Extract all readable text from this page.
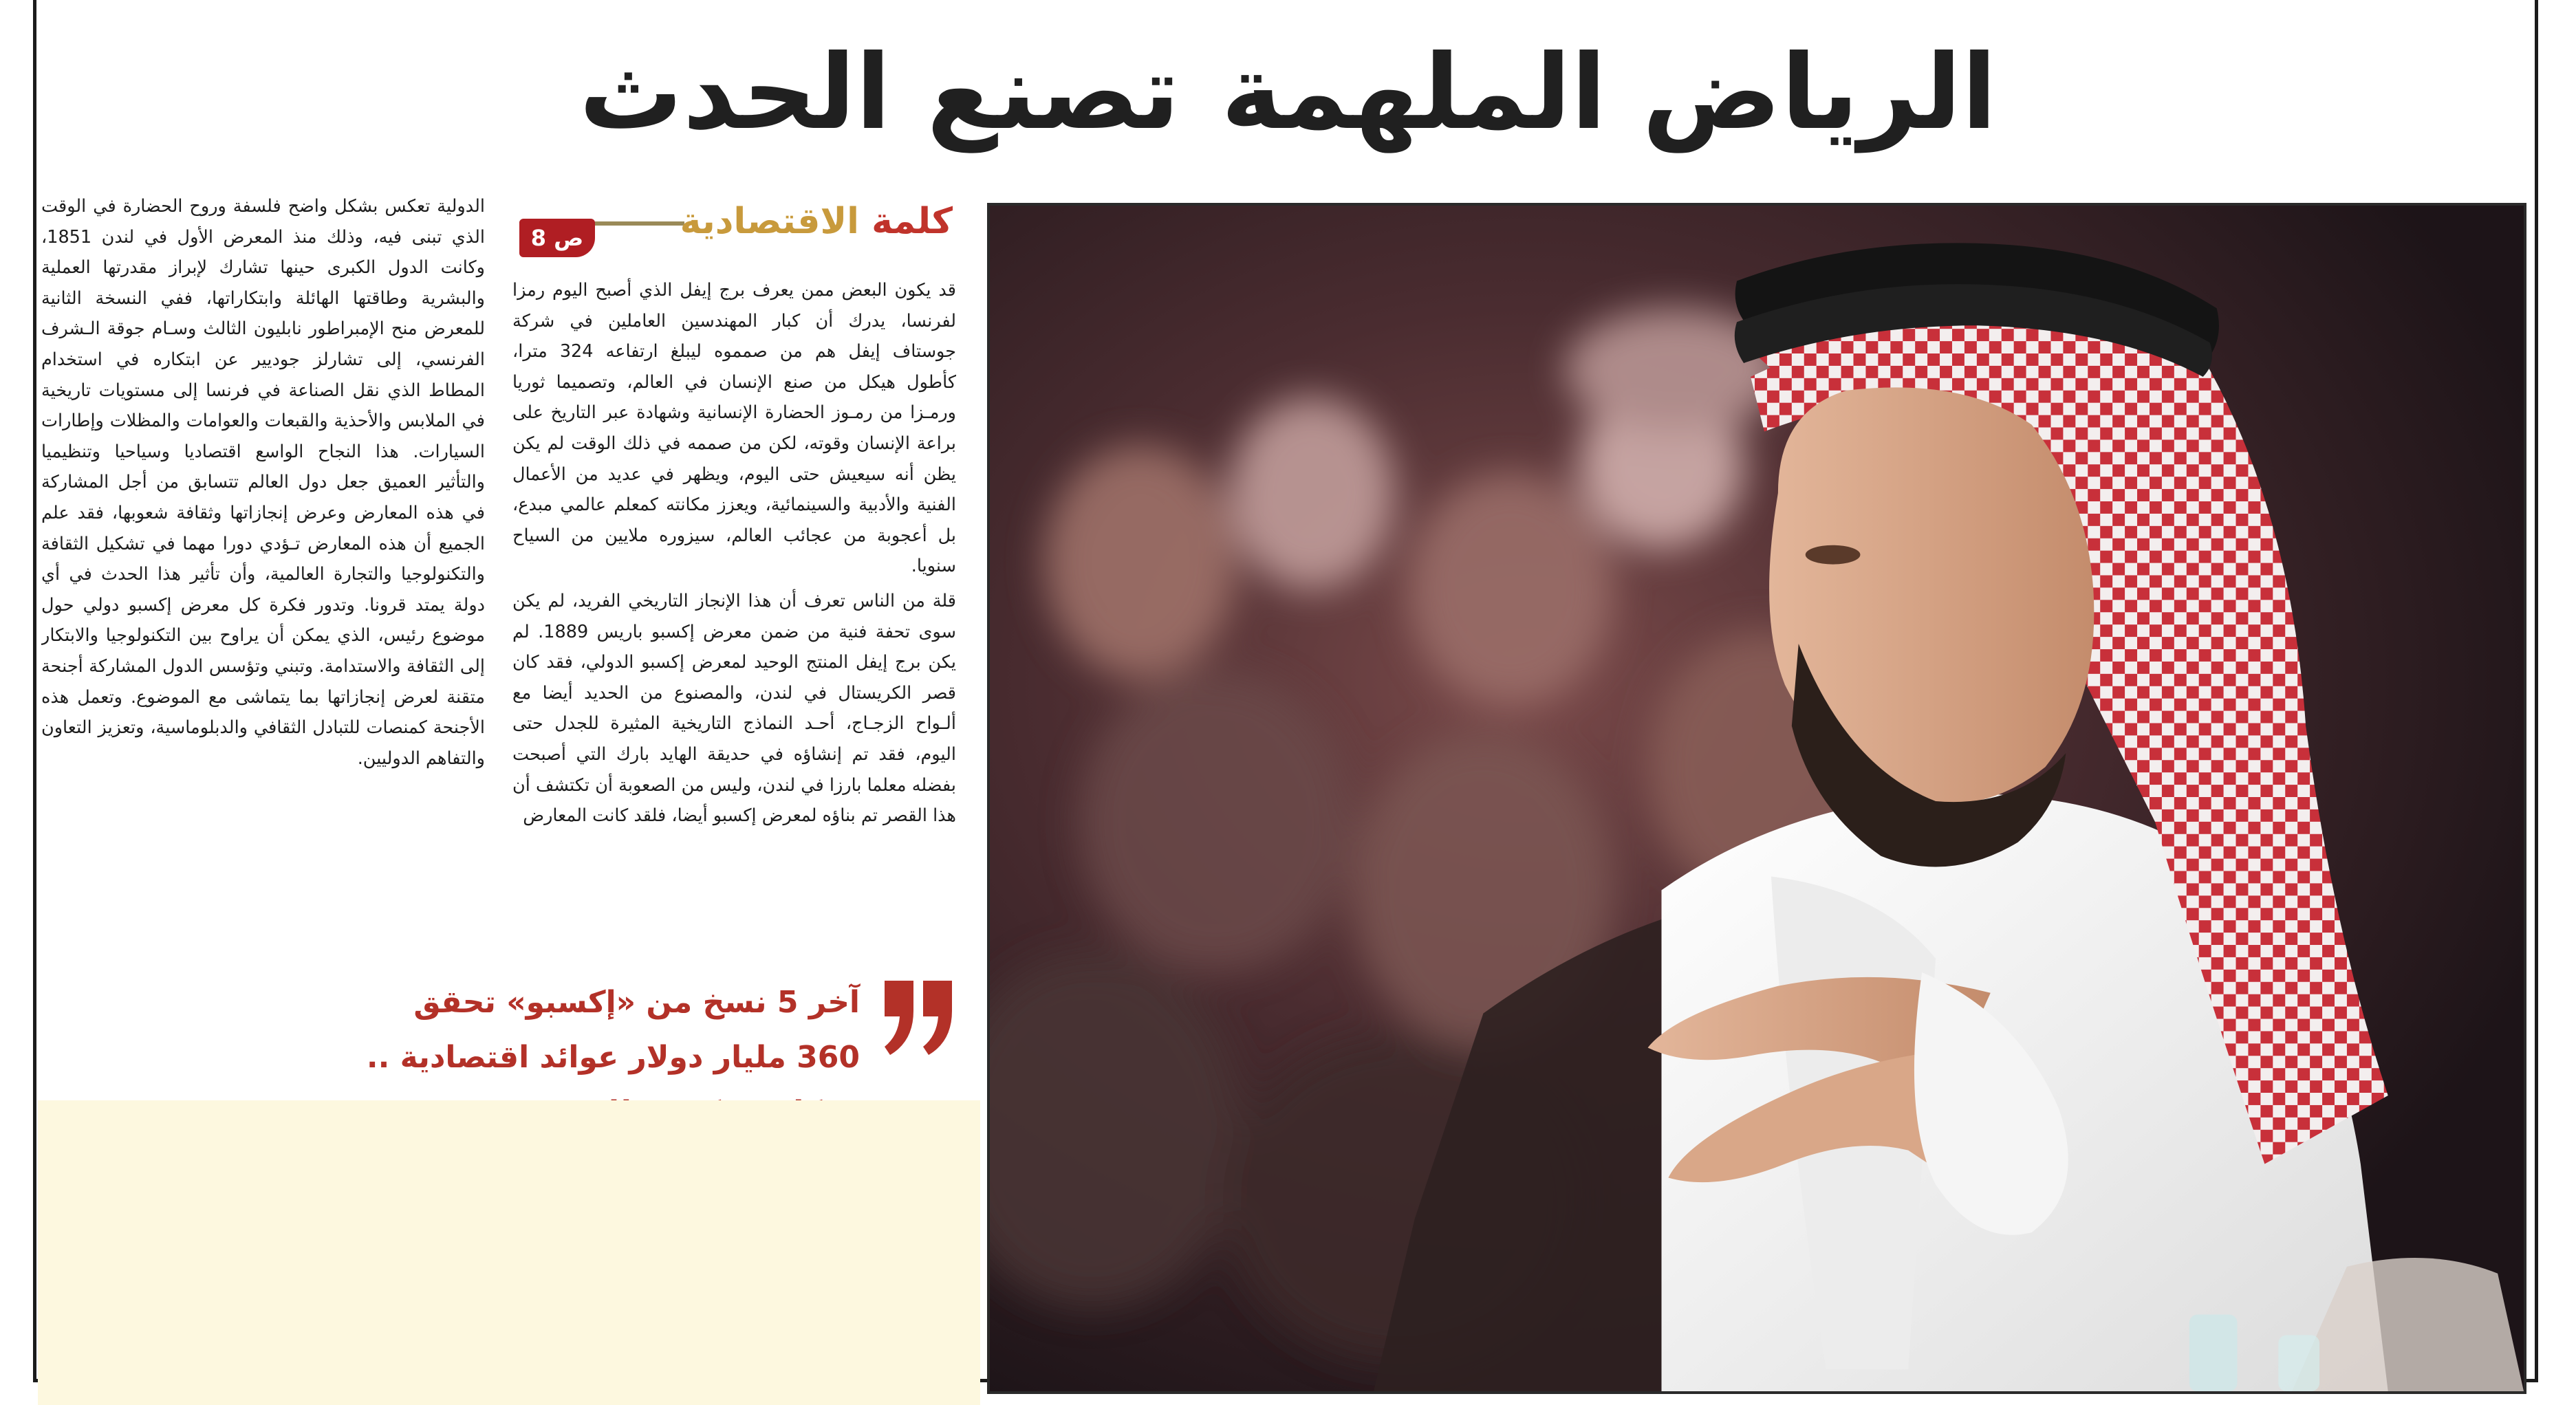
الرياض الملهمةتصنع الحدث
كلمة الاقتصادية
ص 8

قد يكون البعض ممن يعرف برج إيفل الذي أصبح اليوم رمزا لفرنسا، يدرك أن كبار المهندسين العاملين في شركة جوستاف إيفل هم من صمموه ليبلغ ارتفاعه 324 مترا، كأطول هيكل من صنع الإنسان في العالم، وتصميما ثوريا ورمـزا من رمـوز الحضارة الإنسانية وشهادة عبر التاريخ على براعة الإنسان وقوته، لكن من صممه في ذلك الوقت لم يكن يظن أنه سيعيش حتى اليوم، ويظهر في عديد من الأعمال الفنية والأدبية والسينمائية، ويعزز مكانته كمعلم عالمي مبدع، بل أعجوبة من عجائب العالم، سيزوره ملايين من السياح سنويا.

قلة من الناس تعرف أن هذا الإنجاز التاريخي الفريد، لم يكن سوى تحفة فنية من ضمن معرض إكسبو باريس 1889. لم يكن برج إيفل المنتج الوحيد لمعرض إكسبو الدولي، فقد كان قصر الكريستال في لندن، والمصنوع من الحديد أيضا مع ألـواح الزجـاج، أحـد النماذج التاريخية المثيرة للجدل حتى اليوم، فقد تم إنشاؤه في حديقة الهايد بارك التي أصبحت بفضله معلما بارزا في لندن، وليس من الصعوبة أن تكتشف أن هذا القصر تم بناؤه لمعرض إكسبو أيضا، فلقد كانت المعارض

الدولية تعكس بشكل واضح فلسفة وروح الحضارة في الوقت الذي تبنى فيه، وذلك منذ المعرض الأول في لندن 1851، وكانت الدول الكبرى حينها تشارك لإبراز مقدرتها العملية والبشرية وطاقتها الهائلة وابتكاراتها، ففي النسخة الثانية للمعرض منح الإمبراطور نابليون الثالث وسـام جوقة الـشرف الفرنسي، إلى تشارلز جوديير عن ابتكاره في استخدام المطاط الذي نقل الصناعة في فرنسا إلى مستويات تاريخية في الملابس والأحذية والقبعات والعوامات والمظلات وإطارات السيارات. هذا النجاح الواسع اقتصاديا وسياحيا وتنظيميا والتأثير العميق جعل دول العالم تتسابق من أجل المشاركة في هذه المعارض وعرض إنجازاتها وثقافة شعوبها، فقد علم الجميع أن هذه المعارض تـؤدي دورا مهما في تشكيل الثقافة والتكنولوجيا والتجارة العالمية، وأن تأثير هذا الحدث في أي دولة يمتد قرونا. وتدور فكرة كل معرض إكسبو دولي حول موضوع رئيس، الذي يمكن أن يراوح بين التكنولوجيا والابتكار إلى الثقافة والاستدامة. وتبني وتؤسس الدول المشاركة أجنحة متقنة لعرض إنجازاتها بما يتماشى مع الموضوع. وتعمل هذه الأجنحة كمنصات للتبادل الثقافي والدبلوماسية، وتعزيز التعاون والتفاهم الدوليين.

آخر 5 نسخ من «إكسبو» تحقق 360 مليار دولار عوائد اقتصادية ..
